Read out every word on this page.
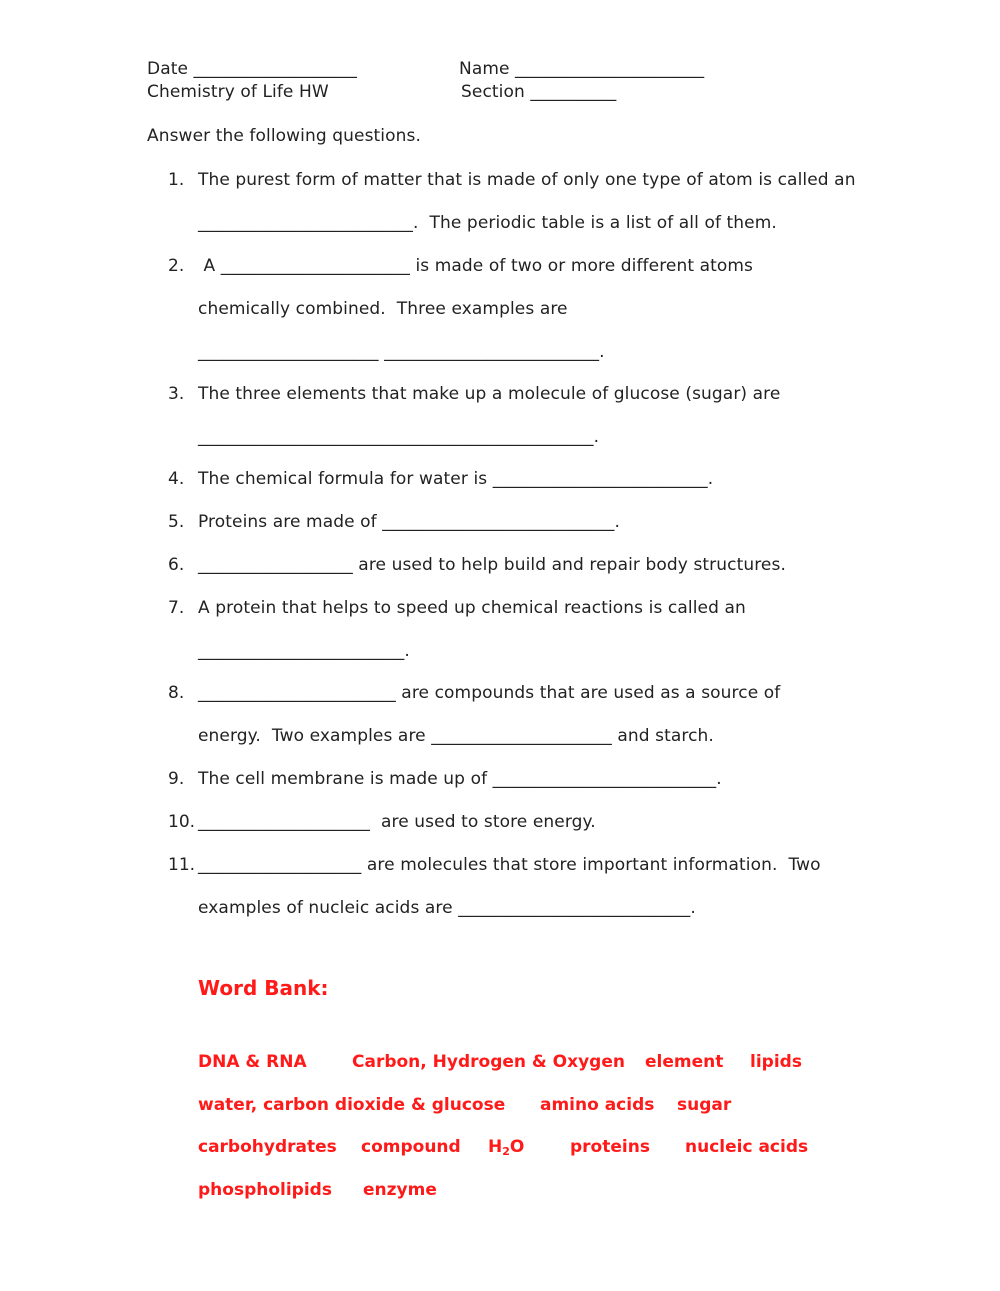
Date ___________________	Name ______________________
Chemistry of Life HW	Section __________
Answer the following questions.
1. The purest form of matter that is made of only one type of atom is called an
_________________________.  The periodic table is a list of all of them.
2. A ______________________ is made of two or more different atoms
chemically combined.  Three examples are
_____________________ _________________________.
3. The three elements that make up a molecule of glucose (sugar) are
______________________________________________.
4. The chemical formula for water is _________________________.
5. Proteins are made of ___________________________.
6. __________________ are used to help build and repair body structures.
7. A protein that helps to speed up chemical reactions is called an
________________________.
8. _______________________ are compounds that are used as a source of
energy.  Two examples are _____________________ and starch.
9. The cell membrane is made up of __________________________.
10. ____________________  are used to store energy.
11. ___________________ are molecules that store important information.  Two
examples of nucleic acids are ___________________________.
Word Bank:
DNA & RNA	Carbon, Hydrogen & Oxygen element lipids
water, carbon dioxide & glucose amino acids sugar
carbohydrates compound $H_2O$	proteins nucleic acids
phospholipids enzyme
